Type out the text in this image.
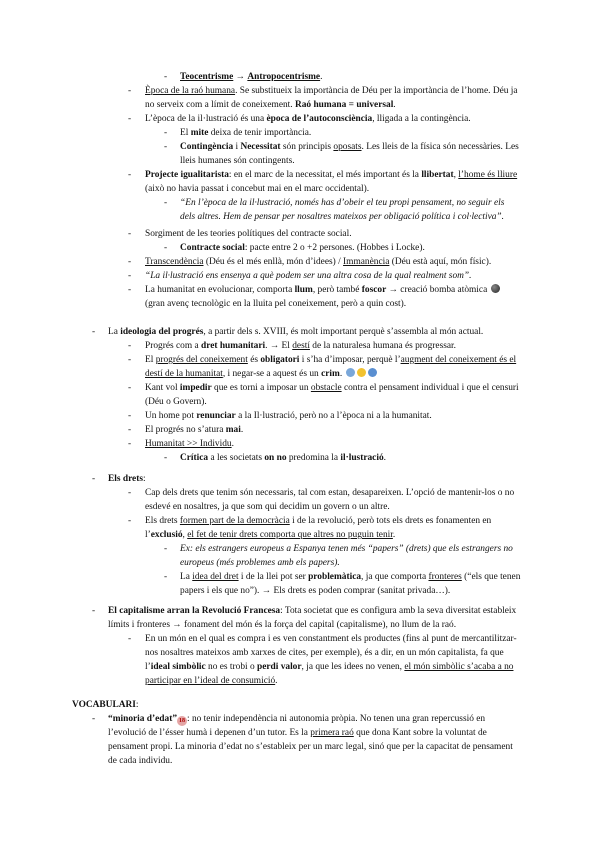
- Teocentrisme → Antropocentrisme.
- Època de la raó humana. Se substitueix la importància de Déu per la importància de l’home. Déu ja no serveix com a límit de coneixement. Raó humana = universal.
- L’època de la il·lustració és una època de l’autoconsciència, lligada a la contingència.
- El mite deixa de tenir importància.
- Contingència i Necessitat són principis oposats. Les lleis de la física són necessàries. Les lleis humanes són contingents.
- Projecte igualitarista: en el marc de la necessitat, el més important és la llibertat, l’home és lliure (això no havia passat i concebut mai en el marc occidental).
- “En l’època de la il·lustració, només has d’obeir el teu propi pensament, no seguir els dels altres. Hem de pensar per nosaltres mateixos per obligació política i col·lectiva”.
- Sorgiment de les teories polítiques del contracte social.
- Contracte social: pacte entre 2 o +2 persones. (Hobbes i Locke).
- Transcendència (Déu és el més enllà, món d’idees) / Immanència (Déu està aquí, món físic).
- “La il·lustració ens ensenya a què podem ser una altra cosa de la qual realment som”.
- La humanitat en evolucionar, comporta llum, però també foscor → creació bomba atòmica  (gran avenç tecnològic en la lluita pel coneixement, però a quin cost).
- La ideologia del progrés, a partir dels s. XVIII, és molt important perquè s’assembla al món actual.
- Progrés com a dret humanitari. → El destí de la naturalesa humana és progressar.
- El progrés del coneixement és obligatori i s’ha d’imposar, perquè l’augment del coneixement és el destí de la humanitat, i negar-se a aquest és un crim.
- Kant vol impedir que es torni a imposar un obstacle contra el pensament individual i que el censuri (Déu o Govern).
- Un home pot renunciar a la Il·lustració, però no a l’època ni a la humanitat.
- El progrés no s’atura mai.
- Humanitat >> Individu.
- Crítica a les societats on no predomina la il·lustració.
- Els drets:
- Cap dels drets que tenim són necessaris, tal com estan, desapareixen. L’opció de mantenir-los o no esdevé en nosaltres, ja que som qui decidim un govern o un altre.
- Els drets formen part de la democràcia i de la revolució, però tots els drets es fonamenten en l’exclusió, el fet de tenir drets comporta que altres no puguin tenir.
- Ex: els estrangers europeus a Espanya tenen més “papers” (drets) que els estrangers no europeus (més problemes amb els papers).
- La idea del dret i de la llei pot ser problemàtica, ja que comporta fronteres (“els que tenen papers i els que no”). → Els drets es poden comprar (sanitat privada…).
- El capitalisme arran la Revolució Francesa: Tota societat que es configura amb la seva diversitat estableix límits i fronteres → fonament del món és la força del capital (capitalisme), no llum de la raó.
- En un món en el qual es compra i es ven constantment els productes (fins al punt de mercantilitzar-nos nosaltres mateixos amb xarxes de cites, per exemple), és a dir, en un món capitalista, fa que l’ideal simbòlic no es trobi o perdi valor, ja que les idees no venen, el món simbòlic s’acaba a no participar en l’ideal de consumició.
VOCABULARI:
- “minoria d’edat” 18 : no tenir independència ni autonomia pròpia. No tenen una gran repercussió en l’evolució de l’ésser humà i depenen d’un tutor. Es la primera raó que dona Kant sobre la voluntat de pensament propi. La minoria d’edat no s’estableix per un marc legal, sinó que per la capacitat de pensament de cada individu.
